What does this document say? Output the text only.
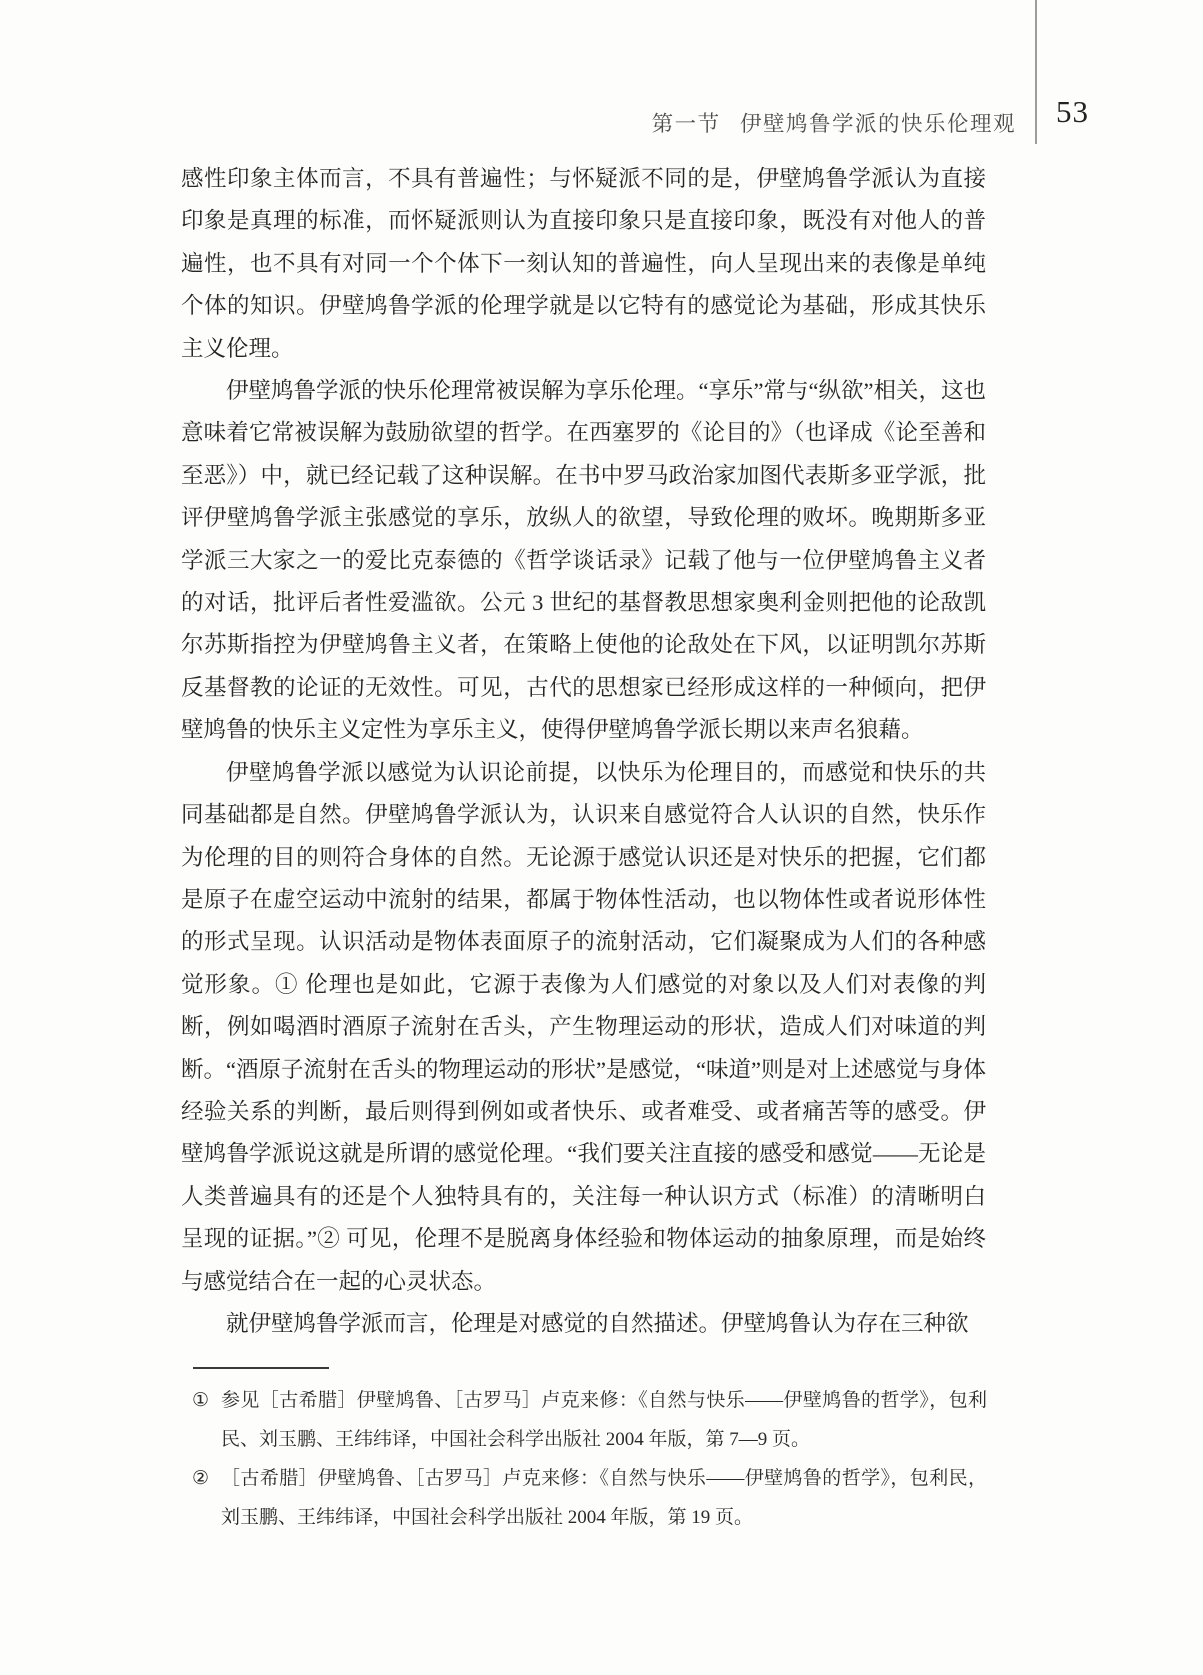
第一节 伊壁鸠鲁学派的快乐伦理观 53

感性印象主体而言，不具有普遍性；与怀疑派不同的是，伊壁鸠鲁学派认为直接印象是真理的标准，而怀疑派则认为直接印象只是直接印象，既没有对他人的普遍性，也不具有对同一个个体下一刻认知的普遍性，向人呈现出来的表像是单纯个体的知识。伊壁鸠鲁学派的伦理学就是以它特有的感觉论为基础，形成其快乐主义伦理。

伊壁鸠鲁学派的快乐伦理常被误解为享乐伦理。“享乐”常与“纵欲”相关，这也意味着它常被误解为鼓励欲望的哲学。在西塞罗的《论目的》（也译成《论至善和至恶》）中，就已经记载了这种误解。在书中罗马政治家加图代表斯多亚学派，批评伊壁鸠鲁学派主张感觉的享乐，放纵人的欲望，导致伦理的败坏。晚期斯多亚学派三大家之一的爱比克泰德的《哲学谈话录》记载了他与一位伊壁鸠鲁主义者的对话，批评后者性爱滥欲。公元 3 世纪的基督教思想家奥利金则把他的论敌凯尔苏斯指控为伊壁鸠鲁主义者，在策略上使他的论敌处在下风，以证明凯尔苏斯反基督教的论证的无效性。可见，古代的思想家已经形成这样的一种倾向，把伊壁鸠鲁的快乐主义定性为享乐主义，使得伊壁鸠鲁学派长期以来声名狼藉。

伊壁鸠鲁学派以感觉为认识论前提，以快乐为伦理目的，而感觉和快乐的共同基础都是自然。伊壁鸠鲁学派认为，认识来自感觉符合人认识的自然，快乐作为伦理的目的则符合身体的自然。无论源于感觉认识还是对快乐的把握，它们都是原子在虚空运动中流射的结果，都属于物体性活动，也以物体性或者说形体性的形式呈现。认识活动是物体表面原子的流射活动，它们凝聚成为人们的各种感觉形象。① 伦理也是如此，它源于表像为人们感觉的对象以及人们对表像的判断，例如喝酒时酒原子流射在舌头，产生物理运动的形状，造成人们对味道的判断。“酒原子流射在舌头的物理运动的形状”是感觉，“味道”则是对上述感觉与身体经验关系的判断，最后则得到例如或者快乐、或者难受、或者痛苦等的感受。伊壁鸠鲁学派说这就是所谓的感觉伦理。“我们要关注直接的感受和感觉——无论是人类普遍具有的还是个人独特具有的，关注每一种认识方式（标准）的清晰明白呈现的证据。”② 可见，伦理不是脱离身体经验和物体运动的抽象原理，而是始终与感觉结合在一起的心灵状态。

就伊壁鸠鲁学派而言，伦理是对感觉的自然描述。伊壁鸠鲁认为存在三种欲

① 参见［古希腊］伊壁鸠鲁、［古罗马］卢克来修：《自然与快乐——伊壁鸠鲁的哲学》，包利民、刘玉鹏、王纬纬译，中国社会科学出版社 2004 年版，第 7—9 页。
② ［古希腊］伊壁鸠鲁、［古罗马］卢克来修：《自然与快乐——伊壁鸠鲁的哲学》，包利民，刘玉鹏、王纬纬译，中国社会科学出版社 2004 年版，第 19 页。
